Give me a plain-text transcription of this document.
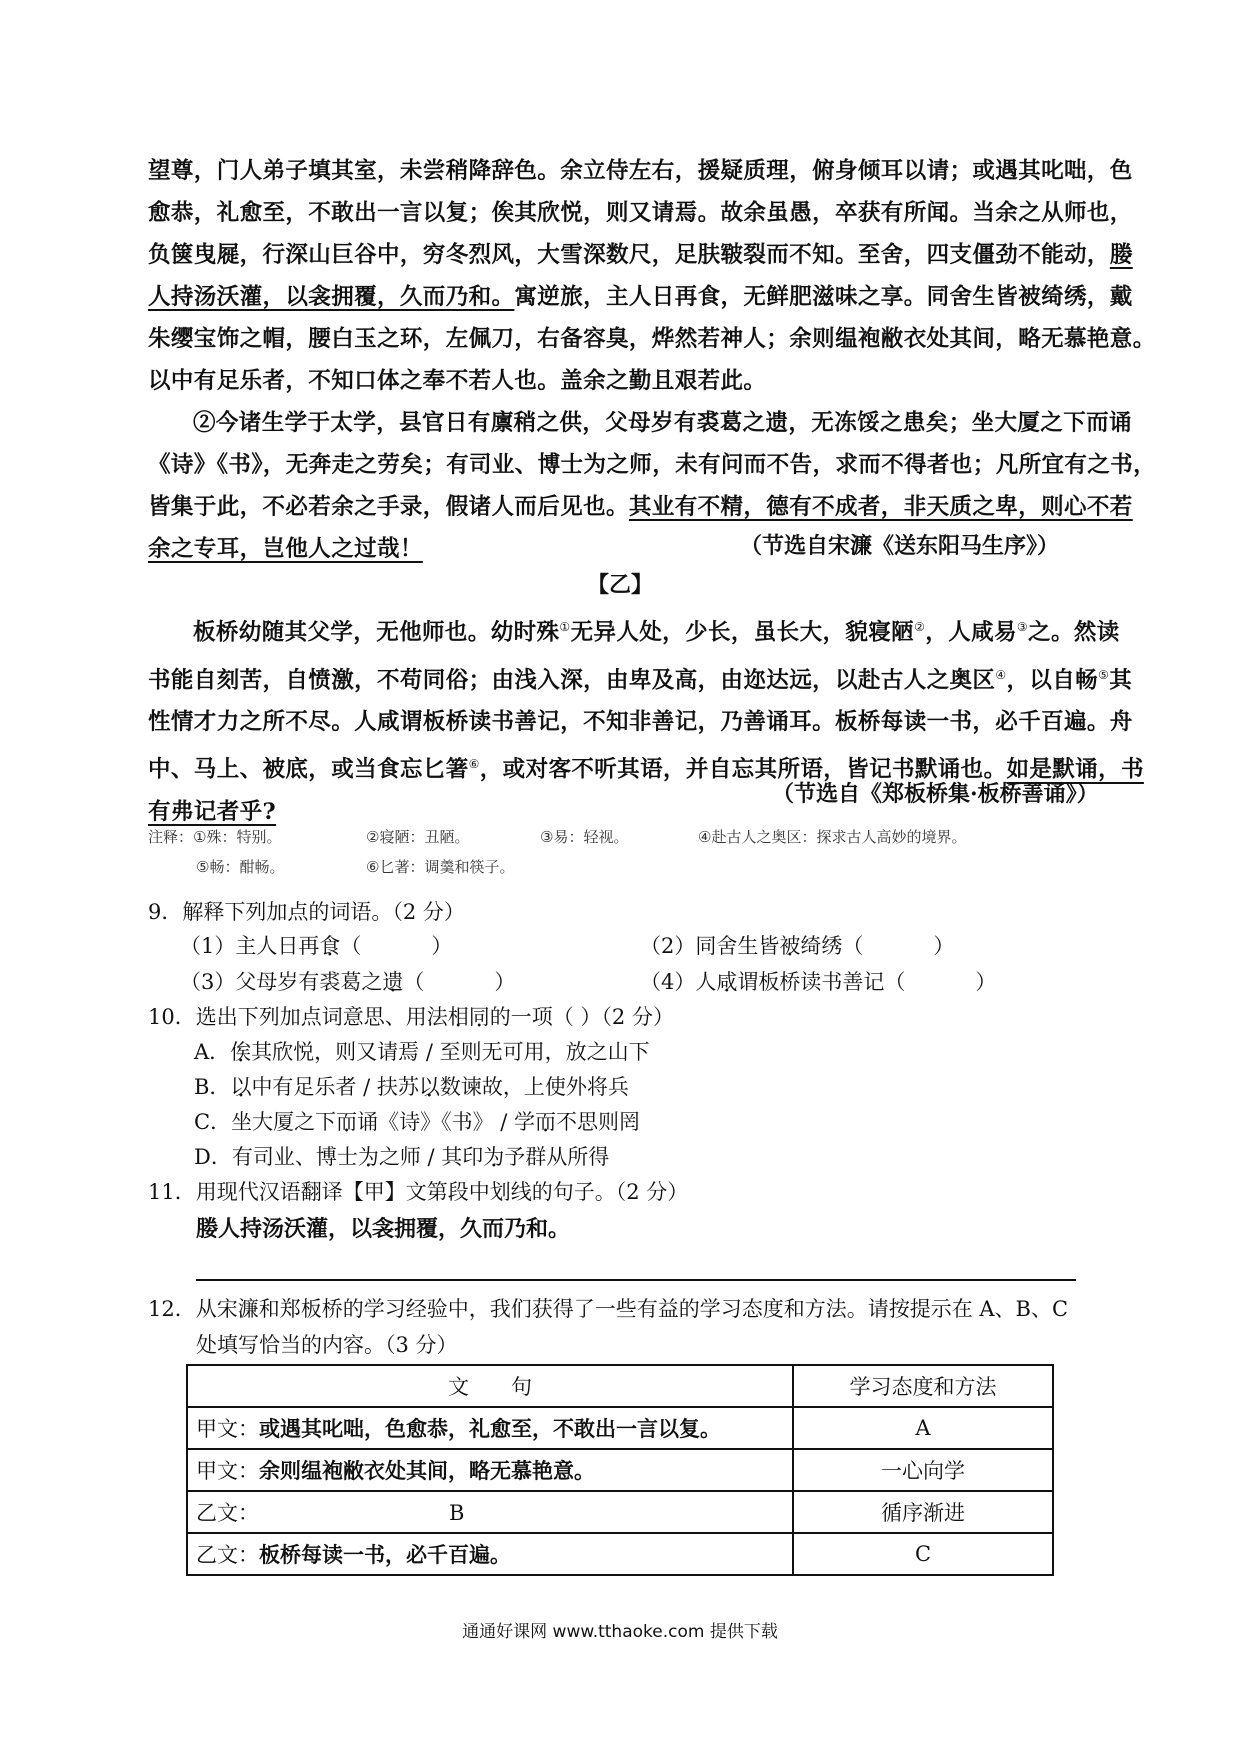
望尊，门人弟子填其室，未尝稍降辞色。余立侍左右，援疑质理，俯身倾耳以请；或遇其叱咄，色
愈恭，礼愈至，不敢出一言以复；俟其欣悦，则又请焉。故余虽愚，卒获有所闻。当余之从师也，
负箧曳屣，行深山巨谷中，穷冬烈风，大雪深数尺，足肤皲裂而不知。至舍，四支僵劲不能动，媵
人持汤沃灌，以衾拥覆，久而乃和。寓逆旅，主人日再食，无鲜肥滋味之享。同舍生皆被绮绣，戴
朱缨宝饰之帽，腰白玉之环，左佩刀，右备容臭，烨然若神人；余则缊袍敝衣处其间，略无慕艳意。
以中有足乐者，不知口体之奉不若人也。盖余之勤且艰若此。
②今诸生学于太学，县官日有廪稍之供，父母岁有裘葛之遗，无冻馁之患矣；坐大厦之下而诵
《诗》《书》，无奔走之劳矣；有司业、博士为之师，未有问而不告，求而不得者也；凡所宜有之书，
皆集于此，不必若余之手录，假诸人而后见也。其业有不精，德有不成者，非天质之卑，则心不若
余之专耳，岂他人之过哉！	（节选自宋濂《送东阳马生序》）
【乙】
板桥幼随其父学，无他师也。幼时殊①无异人处，少长，虽长大，貌寝陋②，人咸易③之。然读
书能自刻苦，自愤激，不苟同俗；由浅入深，由卑及高，由迩达远，以赴古人之奥区④，以自畅⑤其
性情才力之所不尽。人咸谓板桥读书善记，不知非善记，乃善诵耳。板桥每读一书，必千百遍。舟
中、马上、被底，或当食忘匕箸⑥，或对客不听其语，并自忘其所语，皆记书默诵也。如是默诵，书
有弗记者乎?
（节选自《郑板桥集·板桥善诵》）
注释：①殊：特别。	②寝陋：丑陋。	③易：轻视。	④赴古人之奥区：探求古人高妙的境界。
⑤畅：酣畅。	⑥匕著：调羹和筷子。
9．解释下列加点的词语。（2 分）
（1）主人日再食（	）	（2）同舍生皆被绮绣（	）
（3）父母岁有裘葛之遗（	）	（4）人咸谓板桥读书善记（	）
10．选出下列加点词意思、用法相同的一项（ ）（2 分）
A．俟其欣悦，则又请焉 / 至则无可用，放之山下
B．以中有足乐者 / 扶苏以数谏故，上使外将兵
C．坐大厦之下而诵《诗》《书》 / 学而不思则罔
D．有司业、博士为之师 / 其印为予群从所得
11．用现代汉语翻译【甲】文第段中划线的句子。（2 分）
媵人持汤沃灌，以衾拥覆，久而乃和。
12．从宋濂和郑板桥的学习经验中，我们获得了一些有益的学习态度和方法。请按提示在 A、B、C
处填写恰当的内容。（3 分）
文　　句	学习态度和方法
甲文：或遇其叱咄，色愈恭，礼愈至，不敢出一言以复。	A
甲文：余则缊袍敝衣处其间，略无慕艳意。	一心向学
乙文： B	循序渐进
乙文：板桥每读一书，必千百遍。	C
通通好课网 www.tthaoke.com 提供下载
